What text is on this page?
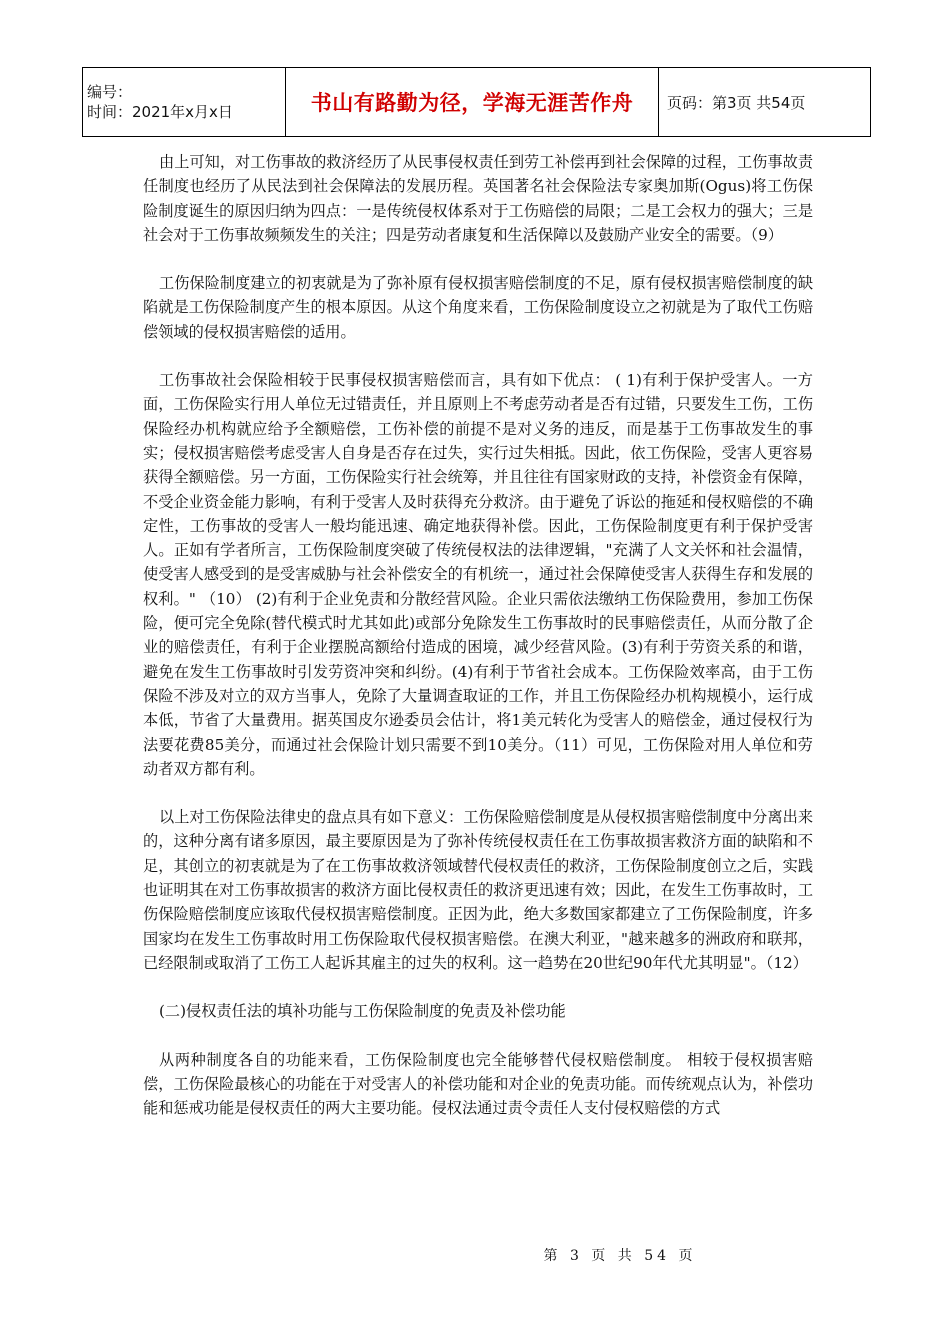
编号：
时间：2021年x月x日	书山有路勤为径，学海无涯苦作舟	页码：第3页 共54页

由上可知，对工伤事故的救济经历了从民事侵权责任到劳工补偿再到社会保障的过程，工伤事故责任制度也经历了从民法到社会保障法的发展历程。英国著名社会保险法专家奥加斯(Ogus)将工伤保险制度诞生的原因归纳为四点：一是传统侵权体系对于工伤赔偿的局限；二是工会权力的强大；三是社会对于工伤事故频频发生的关注；四是劳动者康复和生活保障以及鼓励产业安全的需要。（9）

工伤保险制度建立的初衷就是为了弥补原有侵权损害赔偿制度的不足，原有侵权损害赔偿制度的缺陷就是工伤保险制度产生的根本原因。从这个角度来看，工伤保险制度设立之初就是为了取代工伤赔偿领域的侵权损害赔偿的适用。

工伤事故社会保险相较于民事侵权损害赔偿而言，具有如下优点： ( 1)有利于保护受害人。一方面，工伤保险实行用人单位无过错责任，并且原则上不考虑劳动者是否有过错，只要发生工伤，工伤保险经办机构就应给予全额赔偿，工伤补偿的前提不是对义务的违反，而是基于工伤事故发生的事实；侵权损害赔偿考虑受害人自身是否存在过失，实行过失相抵。因此，依工伤保险，受害人更容易获得全额赔偿。另一方面，工伤保险实行社会统筹，并且往往有国家财政的支持，补偿资金有保障，不受企业资金能力影响，有利于受害人及时获得充分救济。由于避免了诉讼的拖延和侵权赔偿的不确定性，工伤事故的受害人一般均能迅速、确定地获得补偿。因此，工伤保险制度更有利于保护受害人。正如有学者所言，工伤保险制度突破了传统侵权法的法律逻辑，"充满了人文关怀和社会温情，使受害人感受到的是受害威胁与社会补偿安全的有机统一，通过社会保障使受害人获得生存和发展的权利。" （10） (2)有利于企业免责和分散经营风险。企业只需依法缴纳工伤保险费用，参加工伤保险，便可完全免除(替代模式时尤其如此)或部分免除发生工伤事故时的民事赔偿责任，从而分散了企业的赔偿责任，有利于企业摆脱高额给付造成的困境，减少经营风险。(3)有利于劳资关系的和谐，避免在发生工伤事故时引发劳资冲突和纠纷。(4)有利于节省社会成本。工伤保险效率高，由于工伤保险不涉及对立的双方当事人，免除了大量调查取证的工作，并且工伤保险经办机构规模小，运行成本低，节省了大量费用。据英国皮尔逊委员会估计，将1美元转化为受害人的赔偿金，通过侵权行为法要花费85美分，而通过社会保险计划只需要不到10美分。（11）可见，工伤保险对用人单位和劳动者双方都有利。

以上对工伤保险法律史的盘点具有如下意义：工伤保险赔偿制度是从侵权损害赔偿制度中分离出来的，这种分离有诸多原因，最主要原因是为了弥补传统侵权责任在工伤事故损害救济方面的缺陷和不足，其创立的初衷就是为了在工伤事故救济领域替代侵权责任的救济，工伤保险制度创立之后，实践也证明其在对工伤事故损害的救济方面比侵权责任的救济更迅速有效；因此，在发生工伤事故时，工伤保险赔偿制度应该取代侵权损害赔偿制度。正因为此，绝大多数国家都建立了工伤保险制度，许多国家均在发生工伤事故时用工伤保险取代侵权损害赔偿。在澳大利亚，"越来越多的洲政府和联邦，已经限制或取消了工伤工人起诉其雇主的过失的权利。这一趋势在20世纪90年代尤其明显"。（12）

(二)侵权责任法的填补功能与工伤保险制度的免责及补偿功能

从两种制度各自的功能来看，工伤保险制度也完全能够替代侵权赔偿制度。 相较于侵权损害赔偿，工伤保险最核心的功能在于对受害人的补偿功能和对企业的免责功能。而传统观点认为，补偿功能和惩戒功能是侵权责任的两大主要功能。侵权法通过责令责任人支付侵权赔偿的方式

第 3 页 共 54 页
